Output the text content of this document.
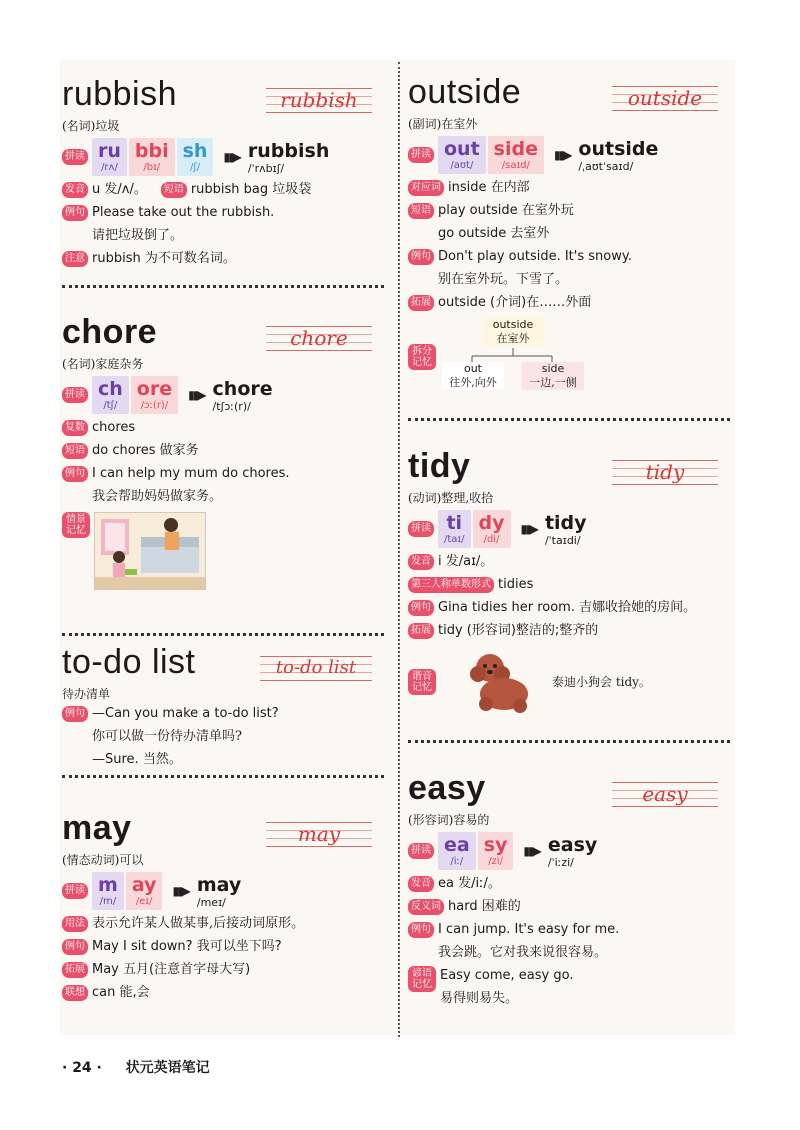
rubbish	rubbish
(名词)垃圾
拼读 ru
/rʌ/
bbi
/bɪ/
sh
/ʃ/
▮▮▶ rubbish
/ˈrʌbɪʃ/
发音 u 发/ʌ/。	短语 rubbish bag 垃圾袋
例句 Please take out the rubbish.
请把垃圾倒了。
注意 rubbish 为不可数名词。
chore	chore
(名词)家庭杂务
拼读 ch
/tʃ/
ore
/ɔː(r)/
▮▮▶ chore
/tʃɔː(r)/
复数 chores
短语 do chores 做家务
例句 I can help my mum do chores.
我会帮助妈妈做家务。
情景记忆
to-do list	to-do list
待办清单
例句 —Can you make a to-do list?
你可以做一份待办清单吗?
—Sure. 当然。
may	may
(情态动词)可以
拼读 m
/m/
ay
/eɪ/
▮▮▶ may
/meɪ/
用法 表示允许某人做某事,后接动词原形。
例句 May I sit down? 我可以坐下吗?
拓展 May 五月(注意首字母大写)
联想 can 能,会
outside	outside
(副词)在室外
拼读 out
/aʊt/
side
/saɪd/
▮▮▶ outside
/ˌaʊtˈsaɪd/
对应词 inside 在内部
短语 play outside 在室外玩
go outside 去室外
例句 Don't play outside. It's snowy.
别在室外玩。下雪了。
拓展 outside (介词)在……外面
拆分记忆
outside
在室外
out
往外,向外
side
一边,一侧
tidy	tidy
(动词)整理,收拾
拼读 ti
/taɪ/
dy
/di/
▮▮▶ tidy
/ˈtaɪdi/
发音 i 发/aɪ/。
第三人称单数形式 tidies
例句 Gina tidies her room. 吉娜收拾她的房间。
拓展 tidy (形容词)整洁的;整齐的
谐音记忆	泰迪小狗会 tidy。
easy	easy
(形容词)容易的
拼读 ea
/iː/
sy
/zi/
▮▮▶ easy
/ˈiːzi/
发音 ea 发/iː/。
反义词 hard 困难的
例句 I can jump. It's easy for me.
我会跳。它对我来说很容易。
谚语记忆
Easy come, easy go.
易得则易失。
· 24 · 状元英语笔记
